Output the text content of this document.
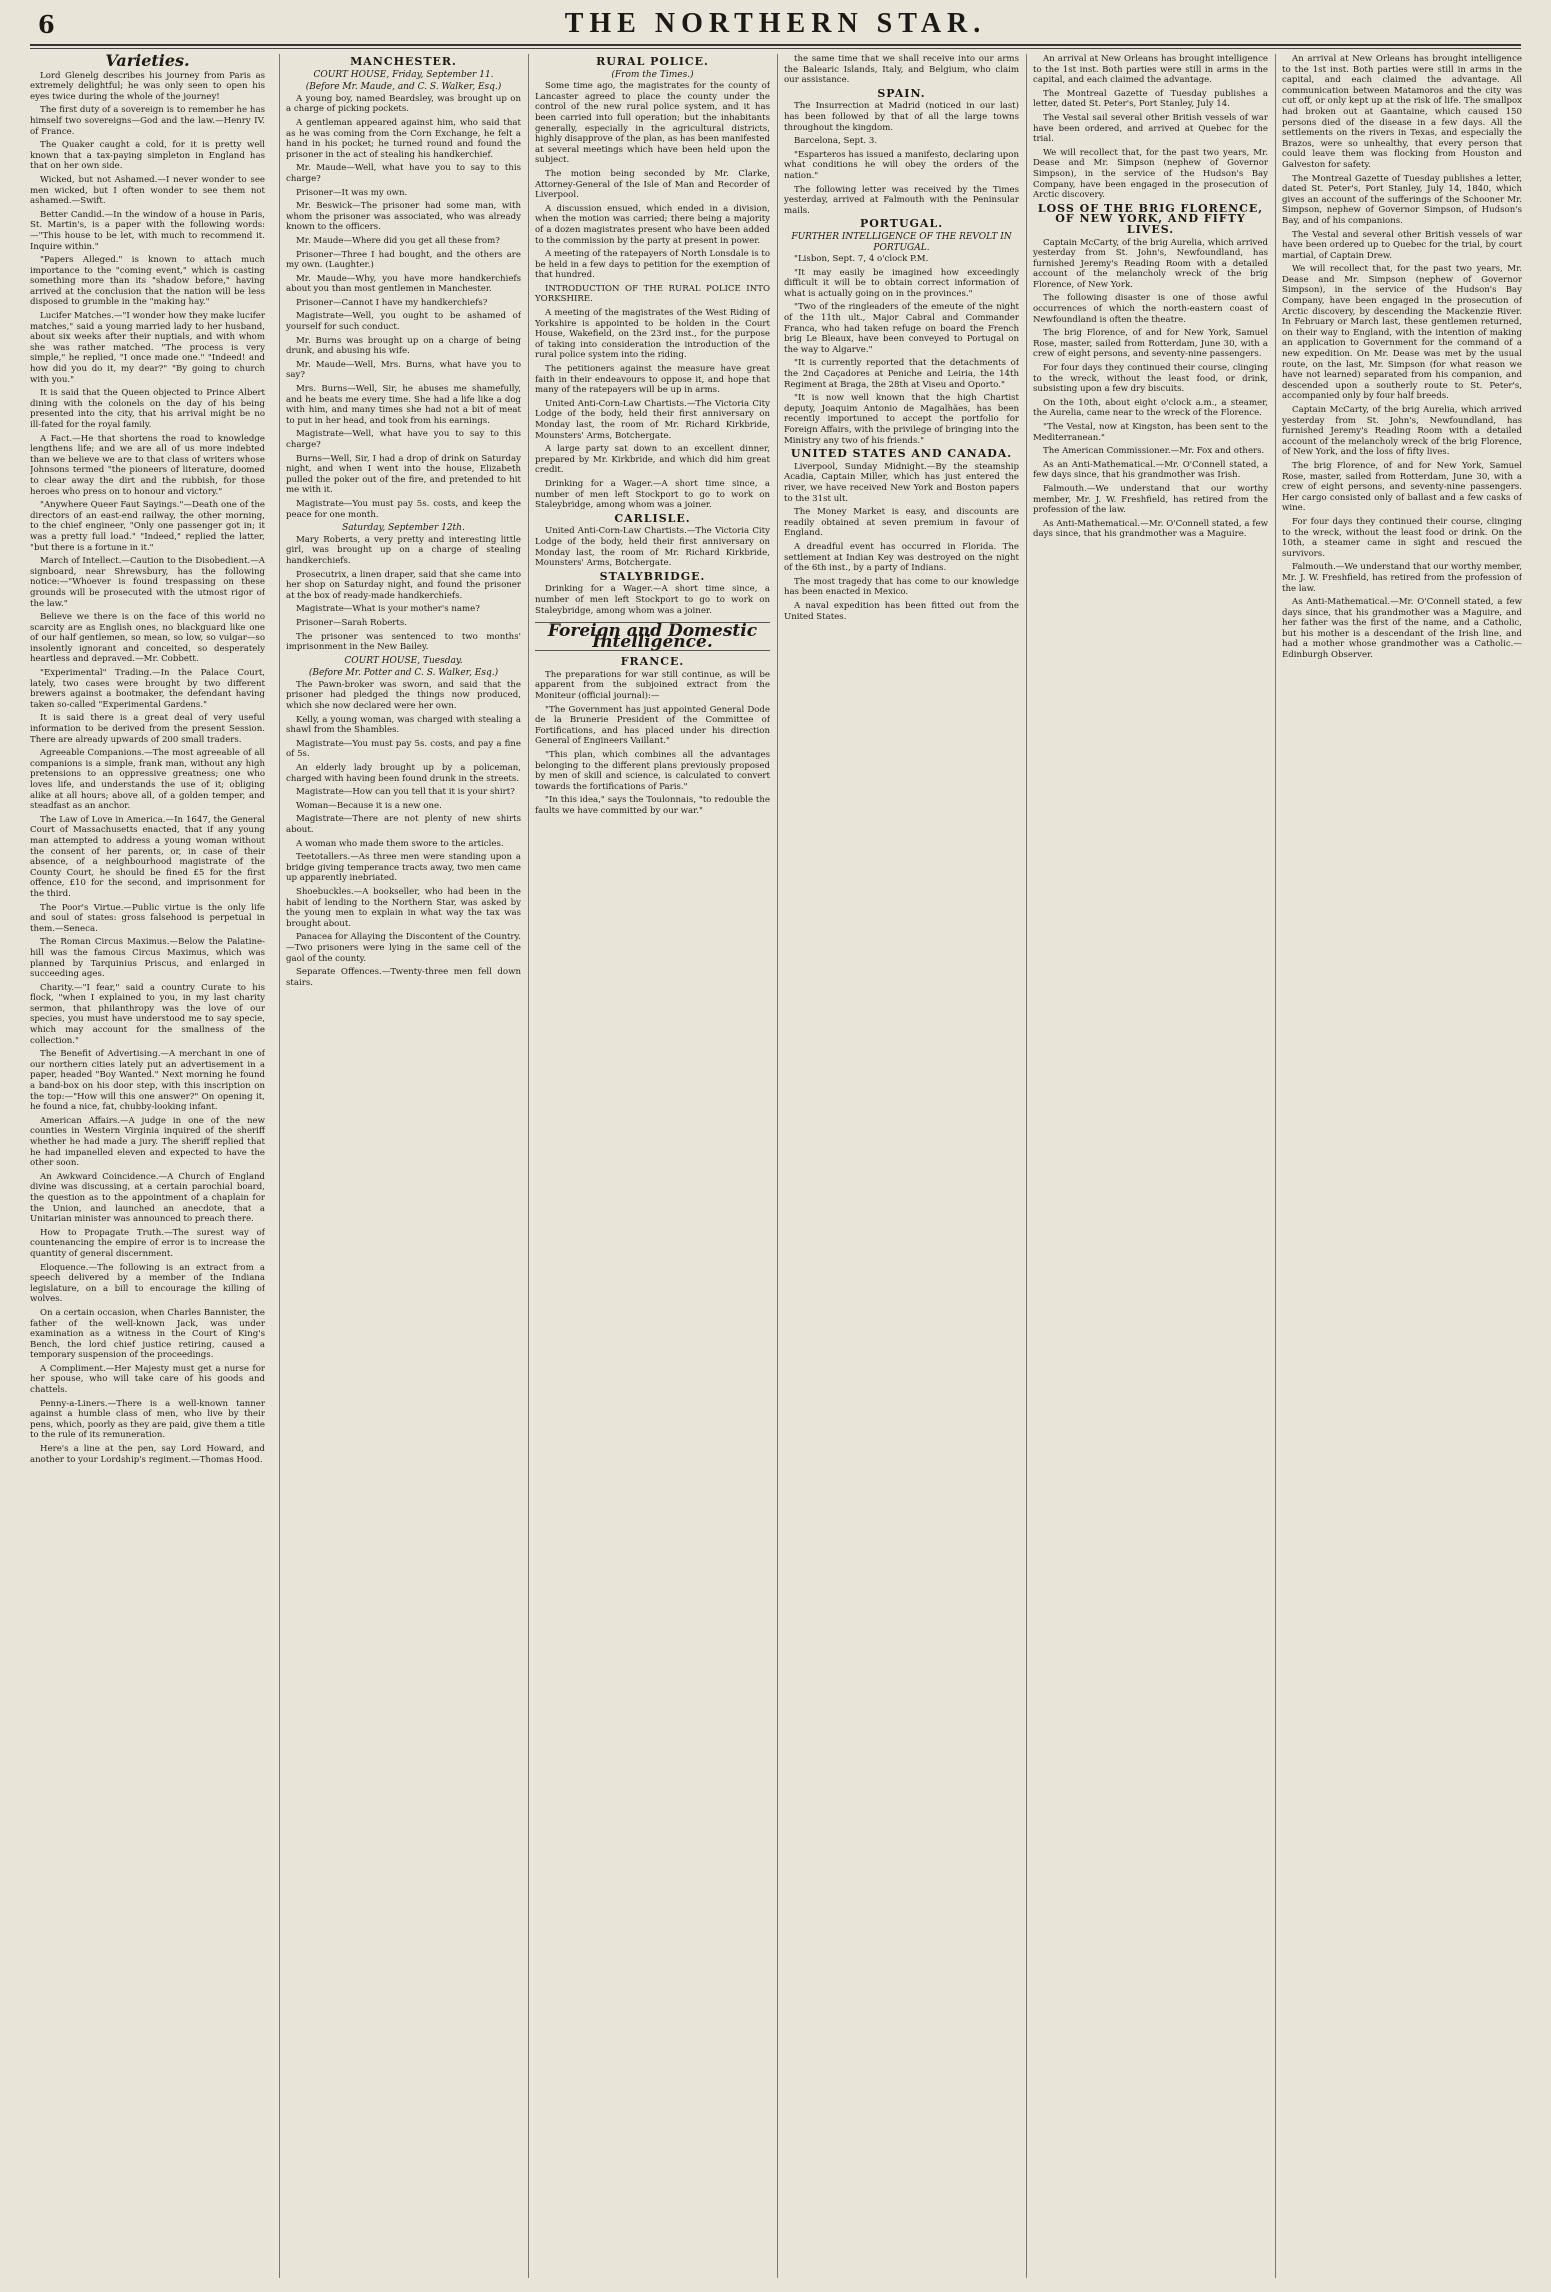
6	THE NORTHERN STAR.
Varieties.

Lord Glenelg describes his journey from Paris as extremely delightful; he was only seen to open his eyes twice during the whole of the journey!

The first duty of a sovereign is to remember he has himself two sovereigns—God and the law.—Henry IV. of France.

The Quaker caught a cold, for it is pretty well known that a tax-paying simpleton in England has that on her own side.

Wicked, but not Ashamed.—I never wonder to see men wicked, but I often wonder to see them not ashamed.—Swift.

Better Candid.—In the window of a house in Paris, St. Martin's, is a paper with the following words:—"This house to be let, with much to recommend it. Inquire within."

"Papers Alleged." is known to attach much importance to the "coming event," which is casting something more than its "shadow before," having arrived at the conclusion that the nation will be less disposed to grumble in the "making hay."

Lucifer Matches.—"I wonder how they make lucifer matches," said a young married lady to her husband, about six weeks after their nuptials, and with whom she was rather matched. "The process is very simple," he replied, "I once made one." "Indeed! and how did you do it, my dear?" "By going to church with you."

It is said that the Queen objected to Prince Albert dining with the colonels on the day of his being presented into the city, that his arrival might be no ill-fated for the royal family.

A Fact.—He that shortens the road to knowledge lengthens life; and we are all of us more indebted than we believe we are to that class of writers whose Johnsons termed "the pioneers of literature, doomed to clear away the dirt and the rubbish, for those heroes who press on to honour and victory."

"Anywhere Queer Faut Sayings."—Death one of the directors of an east-end railway, the other morning, to the chief engineer, "Only one passenger got in; it was a pretty full load." "Indeed," replied the latter, "but there is a fortune in it."

March of Intellect.—Caution to the Disobedient.—A signboard, near Shrewsbury, has the following notice:—"Whoever is found trespassing on these grounds will be prosecuted with the utmost rigor of the law."

Believe we there is on the face of this world no scarcity are as English ones, no blackguard like one of our half gentlemen, so mean, so low, so vulgar—so insolently ignorant and conceited, so desperately heartless and depraved.—Mr. Cobbett.

"Experimental" Trading.—In the Palace Court, lately, two cases were brought by two different brewers against a bootmaker, the defendant having taken so-called "Experimental Gardens."

It is said there is a great deal of very useful information to be derived from the present Session. There are already upwards of 200 small traders.

Agreeable Companions.—The most agreeable of all companions is a simple, frank man, without any high pretensions to an oppressive greatness; one who loves life, and understands the use of it; obliging alike at all hours; above all, of a golden temper, and steadfast as an anchor.

The Law of Love in America.—In 1647, the General Court of Massachusetts enacted, that if any young man attempted to address a young woman without the consent of her parents, or, in case of their absence, of a neighbourhood magistrate of the County Court, he should be fined £5 for the first offence, £10 for the second, and imprisonment for the third.

The Poor's Virtue.—Public virtue is the only life and soul of states: gross falsehood is perpetual in them.—Seneca.

The Roman Circus Maximus.—Below the Palatine-hill was the famous Circus Maximus, which was planned by Tarquinius Priscus, and enlarged in succeeding ages.

Charity.—"I fear," said a country Curate to his flock, "when I explained to you, in my last charity sermon, that philanthropy was the love of our species, you must have understood me to say specie, which may account for the smallness of the collection."

The Benefit of Advertising.—A merchant in one of our northern cities lately put an advertisement in a paper, headed "Boy Wanted." Next morning he found a band-box on his door step, with this inscription on the top:—"How will this one answer?" On opening it, he found a nice, fat, chubby-looking infant.

American Affairs.—A judge in one of the new counties in Western Virginia inquired of the sheriff whether he had made a jury. The sheriff replied that he had impanelled eleven and expected to have the other soon.

An Awkward Coincidence.—A Church of England divine was discussing, at a certain parochial board, the question as to the appointment of a chaplain for the Union, and launched an anecdote, that a Unitarian minister was announced to preach there.

How to Propagate Truth.—The surest way of countenancing the empire of error is to increase the quantity of general discernment.

Eloquence.—The following is an extract from a speech delivered by a member of the Indiana legislature, on a bill to encourage the killing of wolves.

On a certain occasion, when Charles Bannister, the father of the well-known Jack, was under examination as a witness in the Court of King's Bench, the lord chief justice retiring, caused a temporary suspension of the proceedings.

A Compliment.—Her Majesty must get a nurse for her spouse, who will take care of his goods and chattels.

Penny-a-Liners.—There is a well-known tanner against a humble class of men, who live by their pens, which, poorly as they are paid, give them a title to the rule of its remuneration.

Here's a line at the pen, say Lord Howard, and another to your Lordship's regiment.—Thomas Hood.

MANCHESTER.
COURT HOUSE, Friday, September 11.
(Before Mr. Maude, and C. S. Walker, Esq.)

A young boy, named Beardsley, was brought up on a charge of picking pockets.

A gentleman appeared against him, who said that as he was coming from the Corn Exchange, he felt a hand in his pocket; he turned round and found the prisoner in the act of stealing his handkerchief.

Mr. Maude—Well, what have you to say to this charge?

Prisoner—It was my own.

Mr. Beswick—The prisoner had some man, with whom the prisoner was associated, who was already known to the officers.

Mr. Maude—Where did you get all these from?

Prisoner—Three I had bought, and the others are my own. (Laughter.)

Mr. Maude—Why, you have more handkerchiefs about you than most gentlemen in Manchester.

Prisoner—Cannot I have my handkerchiefs?

Magistrate—Well, you ought to be ashamed of yourself for such conduct.

Mr. Burns was brought up on a charge of being drunk, and abusing his wife.

Mr. Maude—Well, Mrs. Burns, what have you to say?

Mrs. Burns—Well, Sir, he abuses me shamefully, and he beats me every time. She had a life like a dog with him, and many times she had not a bit of meat to put in her head, and took from his earnings.

Magistrate—Well, what have you to say to this charge?

Burns—Well, Sir, I had a drop of drink on Saturday night, and when I went into the house, Elizabeth pulled the poker out of the fire, and pretended to hit me with it.

Magistrate—You must pay 5s. costs, and keep the peace for one month.

Saturday, September 12th.

Mary Roberts, a very pretty and interesting little girl, was brought up on a charge of stealing handkerchiefs.

Prosecutrix, a linen draper, said that she came into her shop on Saturday night, and found the prisoner at the box of ready-made handkerchiefs.

Magistrate—What is your mother's name?

Prisoner—Sarah Roberts.

The prisoner was sentenced to two months' imprisonment in the New Bailey.

COURT HOUSE, Tuesday.
(Before Mr. Potter and C. S. Walker, Esq.)

The Pawn-broker was sworn, and said that the prisoner had pledged the things now produced, which she now declared were her own.

Kelly, a young woman, was charged with stealing a shawl from the Shambles.

Magistrate—You must pay 5s. costs, and pay a fine of 5s.

An elderly lady brought up by a policeman, charged with having been found drunk in the streets.

Magistrate—How can you tell that it is your shirt?

Woman—Because it is a new one.

Magistrate—There are not plenty of new shirts about.

A woman who made them swore to the articles.

Teetotallers.—As three men were standing upon a bridge giving temperance tracts away, two men came up apparently inebriated.

Shoebuckles.—A bookseller, who had been in the habit of lending to the Northern Star, was asked by the young men to explain in what way the tax was brought about.

Panacea for Allaying the Discontent of the Country.—Two prisoners were lying in the same cell of the gaol of the county.

Separate Offences.—Twenty-three men fell down stairs.

RURAL POLICE.
(From the Times.)

Some time ago, the magistrates for the county of Lancaster agreed to place the county under the control of the new rural police system, and it has been carried into full operation; but the inhabitants generally, especially in the agricultural districts, highly disapprove of the plan, as has been manifested at several meetings which have been held upon the subject.

The motion being seconded by Mr. Clarke, Attorney-General of the Isle of Man and Recorder of Liverpool.

A discussion ensued, which ended in a division, when the motion was carried; there being a majority of a dozen magistrates present who have been added to the commission by the party at present in power.

A meeting of the ratepayers of North Lonsdale is to be held in a few days to petition for the exemption of that hundred.

INTRODUCTION OF THE RURAL POLICE INTO YORKSHIRE.

A meeting of the magistrates of the West Riding of Yorkshire is appointed to be holden in the Court House, Wakefield, on the 23rd inst., for the purpose of taking into consideration the introduction of the rural police system into the riding.

The petitioners against the measure have great faith in their endeavours to oppose it, and hope that many of the ratepayers will be up in arms.

United Anti-Corn-Law Chartists.—The Victoria City Lodge of the body, held their first anniversary on Monday last, the room of Mr. Richard Kirkbride, Mounsters' Arms, Botchergate.

A large party sat down to an excellent dinner, prepared by Mr. Kirkbride, and which did him great credit.

Drinking for a Wager.—A short time since, a number of men left Stockport to go to work on Staleybridge, among whom was a joiner.

CARLISLE.

United Anti-Corn-Law Chartists.—The Victoria City Lodge of the body, held their first anniversary on Monday last, the room of Mr. Richard Kirkbride, Mounsters' Arms, Botchergate.

STALYBRIDGE.

Drinking for a Wager.—A short time since, a number of men left Stockport to go to work on Staleybridge, among whom was a joiner.

Foreign and Domestic Intelligence.
FRANCE.

The preparations for war still continue, as will be apparent from the subjoined extract from the Moniteur (official journal):—

"The Government has just appointed General Dode de la Brunerie President of the Committee of Fortifications, and has placed under his direction General of Engineers Vaillant."

"This plan, which combines all the advantages belonging to the different plans previously proposed by men of skill and science, is calculated to convert towards the fortifications of Paris."

"In this idea," says the Toulonnais, "to redouble the faults we have committed by our war."

the same time that we shall receive into our arms the Balearic Islands, Italy, and Belgium, who claim our assistance.

SPAIN.

The Insurrection at Madrid (noticed in our last) has been followed by that of all the large towns throughout the kingdom.

Barcelona, Sept. 3.

"Esparteros has issued a manifesto, declaring upon what conditions he will obey the orders of the nation."

The following letter was received by the Times yesterday, arrived at Falmouth with the Peninsular mails.

PORTUGAL.
FURTHER INTELLIGENCE OF THE REVOLT IN PORTUGAL.

"Lisbon, Sept. 7, 4 o'clock P.M.

"It may easily be imagined how exceedingly difficult it will be to obtain correct information of what is actually going on in the provinces."

"Two of the ringleaders of the emeute of the night of the 11th ult., Major Cabral and Commander Franca, who had taken refuge on board the French brig Le Bleaux, have been conveyed to Portugal on the way to Algarve."

"It is currently reported that the detachments of the 2nd Caçadores at Peniche and Leiria, the 14th Regiment at Braga, the 28th at Viseu and Oporto."

"It is now well known that the high Chartist deputy, Joaquim Antonio de Magalhães, has been recently importuned to accept the portfolio for Foreign Affairs, with the privilege of bringing into the Ministry any two of his friends."

UNITED STATES AND CANADA.

Liverpool, Sunday Midnight.—By the steamship Acadia, Captain Miller, which has just entered the river, we have received New York and Boston papers to the 31st ult.

The Money Market is easy, and discounts are readily obtained at seven premium in favour of England.

A dreadful event has occurred in Florida. The settlement at Indian Key was destroyed on the night of the 6th inst., by a party of Indians.

The most tragedy that has come to our knowledge has been enacted in Mexico.

A naval expedition has been fitted out from the United States.

An arrival at New Orleans has brought intelligence to the 1st inst. Both parties were still in arms in the capital, and each claimed the advantage.

The Montreal Gazette of Tuesday publishes a letter, dated St. Peter's, Port Stanley, July 14.

The Vestal sail several other British vessels of war have been ordered, and arrived at Quebec for the trial.

We will recollect that, for the past two years, Mr. Dease and Mr. Simpson (nephew of Governor Simpson), in the service of the Hudson's Bay Company, have been engaged in the prosecution of Arctic discovery.

LOSS OF THE BRIG FLORENCE, OF NEW YORK, AND FIFTY LIVES.

Captain McCarty, of the brig Aurelia, which arrived yesterday from St. John's, Newfoundland, has furnished Jeremy's Reading Room with a detailed account of the melancholy wreck of the brig Florence, of New York.

The following disaster is one of those awful occurrences of which the north-eastern coast of Newfoundland is often the theatre.

The brig Florence, of and for New York, Samuel Rose, master, sailed from Rotterdam, June 30, with a crew of eight persons, and seventy-nine passengers.

For four days they continued their course, clinging to the wreck, without the least food, or drink, subsisting upon a few dry biscuits.

On the 10th, about eight o'clock a.m., a steamer, the Aurelia, came near to the wreck of the Florence.

"The Vestal, now at Kingston, has been sent to the Mediterranean."

The American Commissioner.—Mr. Fox and others.

As an Anti-Mathematical.—Mr. O'Connell stated, a few days since, that his grandmother was Irish.

Falmouth.—We understand that our worthy member, Mr. J. W. Freshfield, has retired from the profession of the law.

As Anti-Mathematical.—Mr. O'Connell stated, a few days since, that his grandmother was a Maguire.

An arrival at New Orleans has brought intelligence to the 1st inst. Both parties were still in arms in the capital, and each claimed the advantage. All communication between Matamoros and the city was cut off, or only kept up at the risk of life. The smallpox had broken out at Gaantaine, which caused 150 persons died of the disease in a few days. All the settlements on the rivers in Texas, and especially the Brazos, were so unhealthy, that every person that could leave them was flocking from Houston and Galveston for safety.

The Montreal Gazette of Tuesday publishes a letter, dated St. Peter's, Port Stanley, July 14, 1840, which gives an account of the sufferings of the Schooner Mr. Simpson, nephew of Governor Simpson, of Hudson's Bay, and of his companions.

The Vestal and several other British vessels of war have been ordered up to Quebec for the trial, by court martial, of Captain Drew.

We will recollect that, for the past two years, Mr. Dease and Mr. Simpson (nephew of Governor Simpson), in the service of the Hudson's Bay Company, have been engaged in the prosecution of Arctic discovery, by descending the Mackenzie River. In February or March last, these gentlemen returned, on their way to England, with the intention of making an application to Government for the command of a new expedition. On Mr. Dease was met by the usual route, on the last, Mr. Simpson (for what reason we have not learned) separated from his companion, and descended upon a southerly route to St. Peter's, accompanied only by four half breeds.

Captain McCarty, of the brig Aurelia, which arrived yesterday from St. John's, Newfoundland, has furnished Jeremy's Reading Room with a detailed account of the melancholy wreck of the brig Florence, of New York, and the loss of fifty lives.

The brig Florence, of and for New York, Samuel Rose, master, sailed from Rotterdam, June 30, with a crew of eight persons, and seventy-nine passengers. Her cargo consisted only of ballast and a few casks of wine.

For four days they continued their course, clinging to the wreck, without the least food or drink. On the 10th, a steamer came in sight and rescued the survivors.

Falmouth.—We understand that our worthy member, Mr. J. W. Freshfield, has retired from the profession of the law.

As Anti-Mathematical.—Mr. O'Connell stated, a few days since, that his grandmother was a Maguire, and her father was the first of the name, and a Catholic, but his mother is a descendant of the Irish line, and had a mother whose grandmother was a Catholic.—Edinburgh Observer.
